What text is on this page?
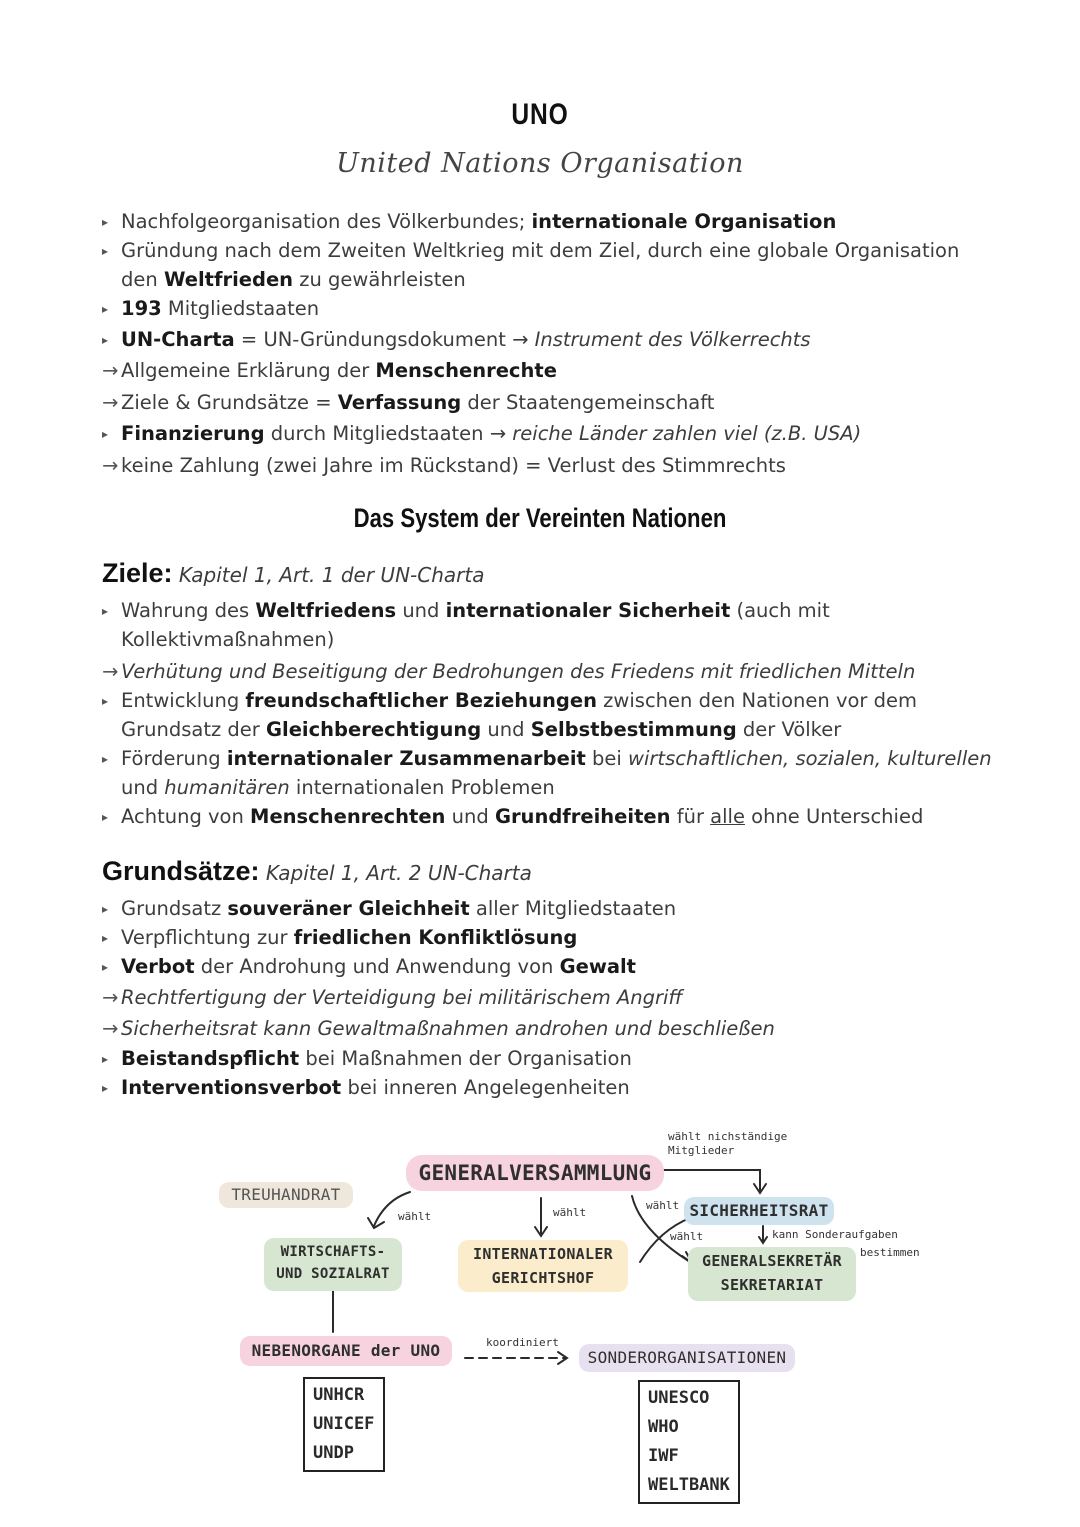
UNO
United Nations Organisation
▸ Nachfolgeorganisation des Völkerbundes; internationale Organisation
▸ Gründung nach dem Zweiten Weltkrieg mit dem Ziel, durch eine globale Organisation
den Weltfrieden zu gewährleisten
▸ 193 Mitgliedstaaten
▸ UN-Charta = UN-Gründungsdokument → Instrument des Völkerrechts
→ Allgemeine Erklärung der Menschenrechte
→ Ziele & Grundsätze = Verfassung der Staatengemeinschaft
▸ Finanzierung durch Mitgliedstaaten → reiche Länder zahlen viel (z.B. USA)
→ keine Zahlung (zwei Jahre im Rückstand) = Verlust des Stimmrechts
Das System der Vereinten Nationen
Ziele: Kapitel 1, Art. 1 der UN-Charta
▸ Wahrung des Weltfriedens und internationaler Sicherheit (auch mit
Kollektivmaßnahmen)
→ Verhütung und Beseitigung der Bedrohungen des Friedens mit friedlichen Mitteln
▸ Entwicklung freundschaftlicher Beziehungen zwischen den Nationen vor dem
Grundsatz der Gleichberechtigung und Selbstbestimmung der Völker
▸ Förderung internationaler Zusammenarbeit bei wirtschaftlichen, sozialen, kulturellen
und humanitären internationalen Problemen
▸ Achtung von Menschenrechten und Grundfreiheiten für alle ohne Unterschied
Grundsätze: Kapitel 1, Art. 2 UN-Charta
▸ Grundsatz souveräner Gleichheit aller Mitgliedstaaten
▸ Verpflichtung zur friedlichen Konfliktlösung
▸ Verbot der Androhung und Anwendung von Gewalt
→ Rechtfertigung der Verteidigung bei militärischem Angriff
→ Sicherheitsrat kann Gewaltmaßnahmen androhen und beschließen
▸ Beistandspflicht bei Maßnahmen der Organisation
▸ Interventionsverbot bei inneren Angelegenheiten
GENERALVERSAMMLUNG
TREUHANDRAT
WIRTSCHAFTS-
UND SOZIALRAT
INTERNATIONALER
GERICHTSHOF
SICHERHEITSRAT
GENERALSEKRETÄR
SEKRETARIAT
NEBENORGANE der UNO	SONDERORGANISATIONEN
wählt nichständige
Mitglieder
wählt	wählt
wählt
wählt	kann Sonderaufgaben
bestimmen
koordiniert
UNHCR
UNICEF
UNDP
UNESCO
WHO
IWF
WELTBANK
